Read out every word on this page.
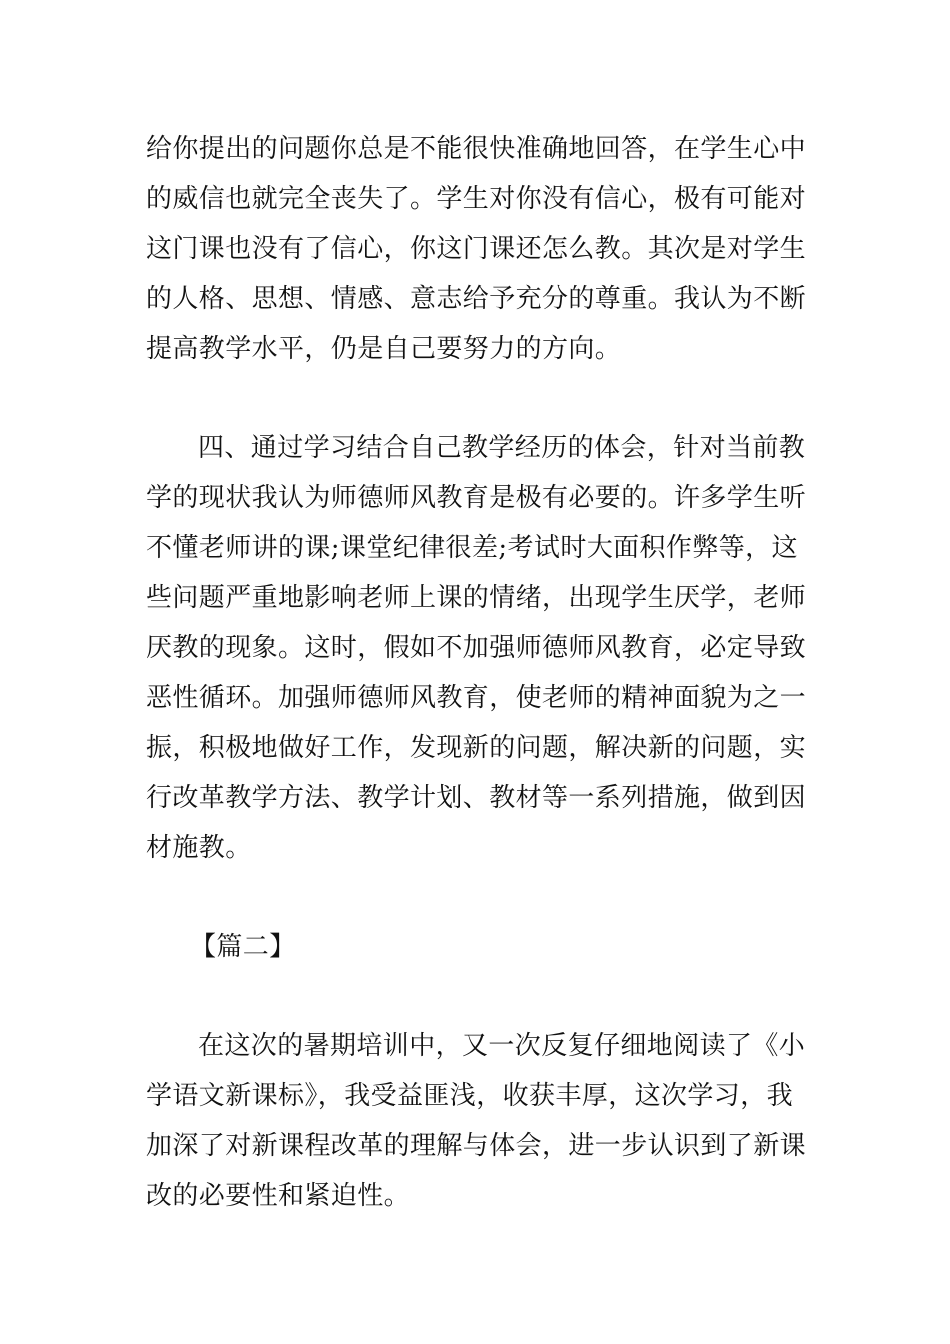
给你提出的问题你总是不能很快准确地回答，在学生心中
的威信也就完全丧失了。学生对你没有信心，极有可能对
这门课也没有了信心，你这门课还怎么教。其次是对学生
的人格、思想、情感、意志给予充分的尊重。我认为不断
提高教学水平，仍是自己要努力的方向。
四、通过学习结合自己教学经历的体会，针对当前教
学的现状我认为师德师风教育是极有必要的。许多学生听
不懂老师讲的课;课堂纪律很差;考试时大面积作弊等，这
些问题严重地影响老师上课的情绪，出现学生厌学，老师
厌教的现象。这时，假如不加强师德师风教育，必定导致
恶性循环。加强师德师风教育，使老师的精神面貌为之一
振，积极地做好工作，发现新的问题，解决新的问题，实
行改革教学方法、教学计划、教材等一系列措施，做到因
材施教。
【篇二】
在这次的暑期培训中，又一次反复仔细地阅读了《小
学语文新课标》，我受益匪浅，收获丰厚，这次学习，我
加深了对新课程改革的理解与体会，进一步认识到了新课
改的必要性和紧迫性。
